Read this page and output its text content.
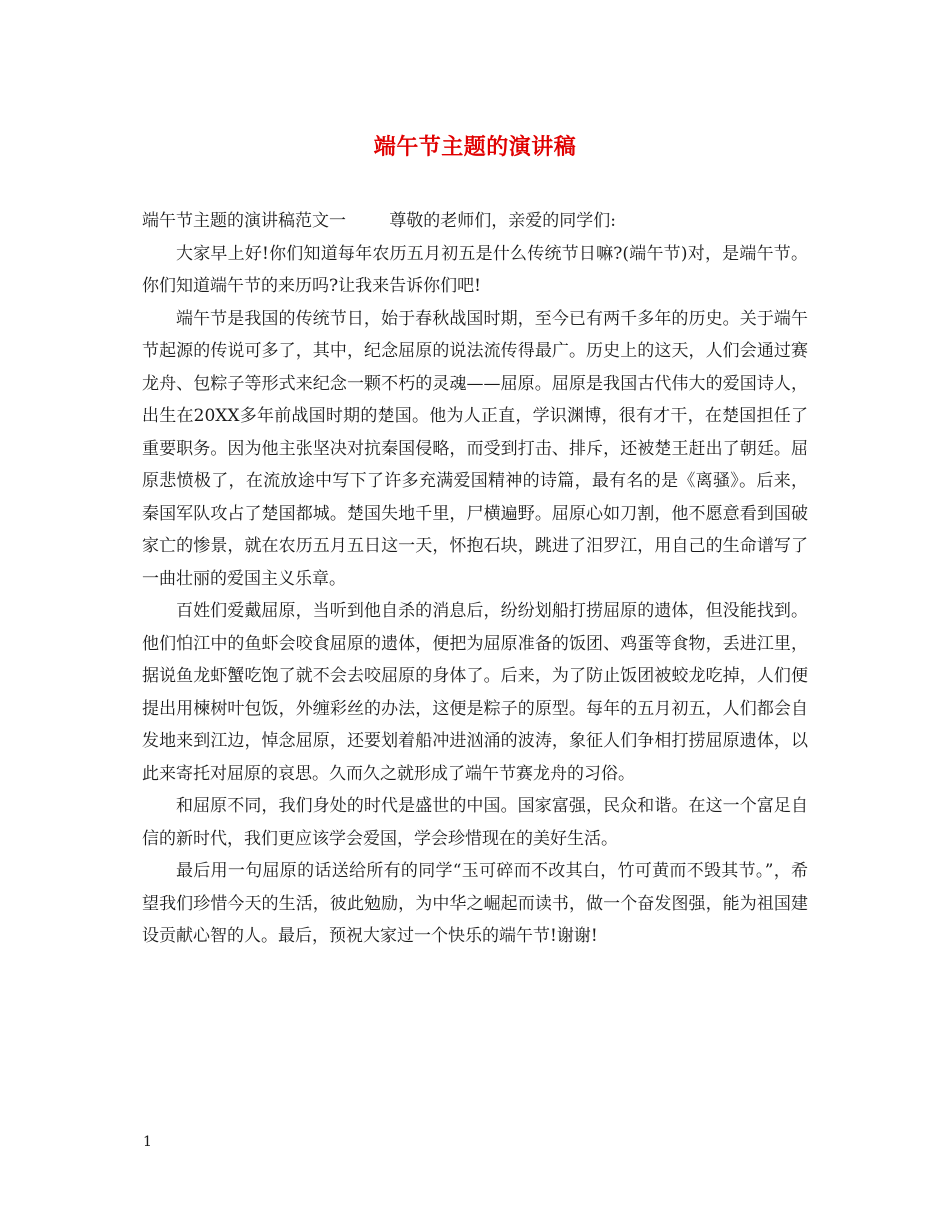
端午节主题的演讲稿

端午节主题的演讲稿范文一        尊敬的老师们，亲爱的同学们:

大家早上好!你们知道每年农历五月初五是什么传统节日嘛?(端午节)对，是端午节。你们知道端午节的来历吗?让我来告诉你们吧!

端午节是我国的传统节日，始于春秋战国时期，至今已有两千多年的历史。关于端午节起源的传说可多了，其中，纪念屈原的说法流传得最广。历史上的这天，人们会通过赛龙舟、包粽子等形式来纪念一颗不朽的灵魂——屈原。屈原是我国古代伟大的爱国诗人，出生在20XX多年前战国时期的楚国。他为人正直，学识渊博，很有才干，在楚国担任了重要职务。因为他主张坚决对抗秦国侵略，而受到打击、排斥，还被楚王赶出了朝廷。屈原悲愤极了，在流放途中写下了许多充满爱国精神的诗篇，最有名的是《离骚》。后来，秦国军队攻占了楚国都城。楚国失地千里，尸横遍野。屈原心如刀割，他不愿意看到国破家亡的惨景，就在农历五月五日这一天，怀抱石块，跳进了汨罗江，用自己的生命谱写了一曲壮丽的爱国主义乐章。

百姓们爱戴屈原，当听到他自杀的消息后，纷纷划船打捞屈原的遗体，但没能找到。他们怕江中的鱼虾会咬食屈原的遗体，便把为屈原准备的饭团、鸡蛋等食物，丢进江里，据说鱼龙虾蟹吃饱了就不会去咬屈原的身体了。后来，为了防止饭团被蛟龙吃掉，人们便提出用楝树叶包饭，外缠彩丝的办法，这便是粽子的原型。每年的五月初五，人们都会自发地来到江边，悼念屈原，还要划着船冲进汹涌的波涛，象征人们争相打捞屈原遗体，以此来寄托对屈原的哀思。久而久之就形成了端午节赛龙舟的习俗。

和屈原不同，我们身处的时代是盛世的中国。国家富强，民众和谐。在这一个富足自信的新时代，我们更应该学会爱国，学会珍惜现在的美好生活。

最后用一句屈原的话送给所有的同学“玉可碎而不改其白，竹可黄而不毁其节。”，希望我们珍惜今天的生活，彼此勉励，为中华之崛起而读书，做一个奋发图强，能为祖国建设贡献心智的人。最后，预祝大家过一个快乐的端午节!谢谢!

1
